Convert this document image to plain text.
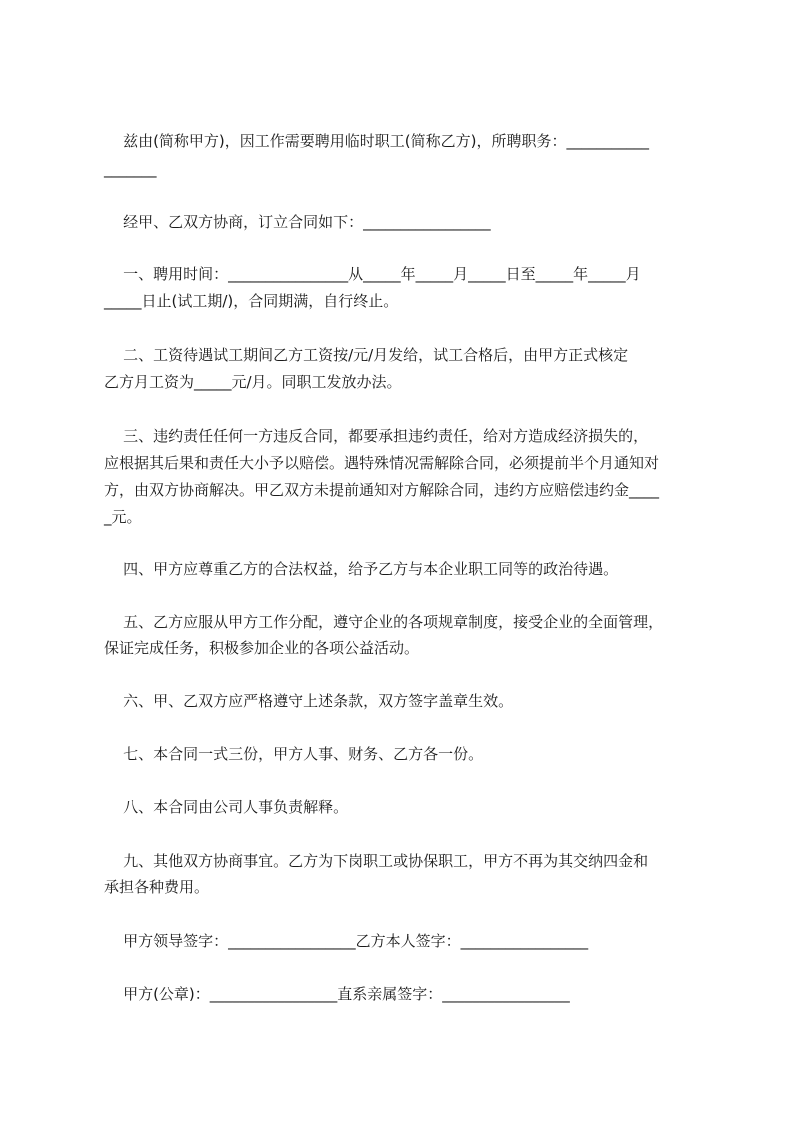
兹由(简称甲方)，因工作需要聘用临时职工(简称乙方)，所聘职务：___________
_______
经甲、乙双方协商，订立合同如下：_________________
一、聘用时间：________________从_____年_____月_____日至_____年_____月
_____日止(试工期/)，合同期满，自行终止。
二、工资待遇试工期间乙方工资按/元/月发给，试工合格后，由甲方正式核定
乙方月工资为_____元/月。同职工发放办法。
三、违约责任任何一方违反合同，都要承担违约责任，给对方造成经济损失的，
应根据其后果和责任大小予以赔偿。遇特殊情况需解除合同，必须提前半个月通知对
方，由双方协商解决。甲乙双方未提前通知对方解除合同，违约方应赔偿违约金____
_元。
四、甲方应尊重乙方的合法权益，给予乙方与本企业职工同等的政治待遇。
五、乙方应服从甲方工作分配，遵守企业的各项规章制度，接受企业的全面管理，
保证完成任务，积极参加企业的各项公益活动。
六、甲、乙双方应严格遵守上述条款，双方签字盖章生效。
七、本合同一式三份，甲方人事、财务、乙方各一份。
八、本合同由公司人事负责解释。
九、其他双方协商事宜。乙方为下岗职工或协保职工，甲方不再为其交纳四金和
承担各种费用。
甲方领导签字：_________________乙方本人签字：_________________
甲方(公章)：_________________直系亲属签字：_________________
